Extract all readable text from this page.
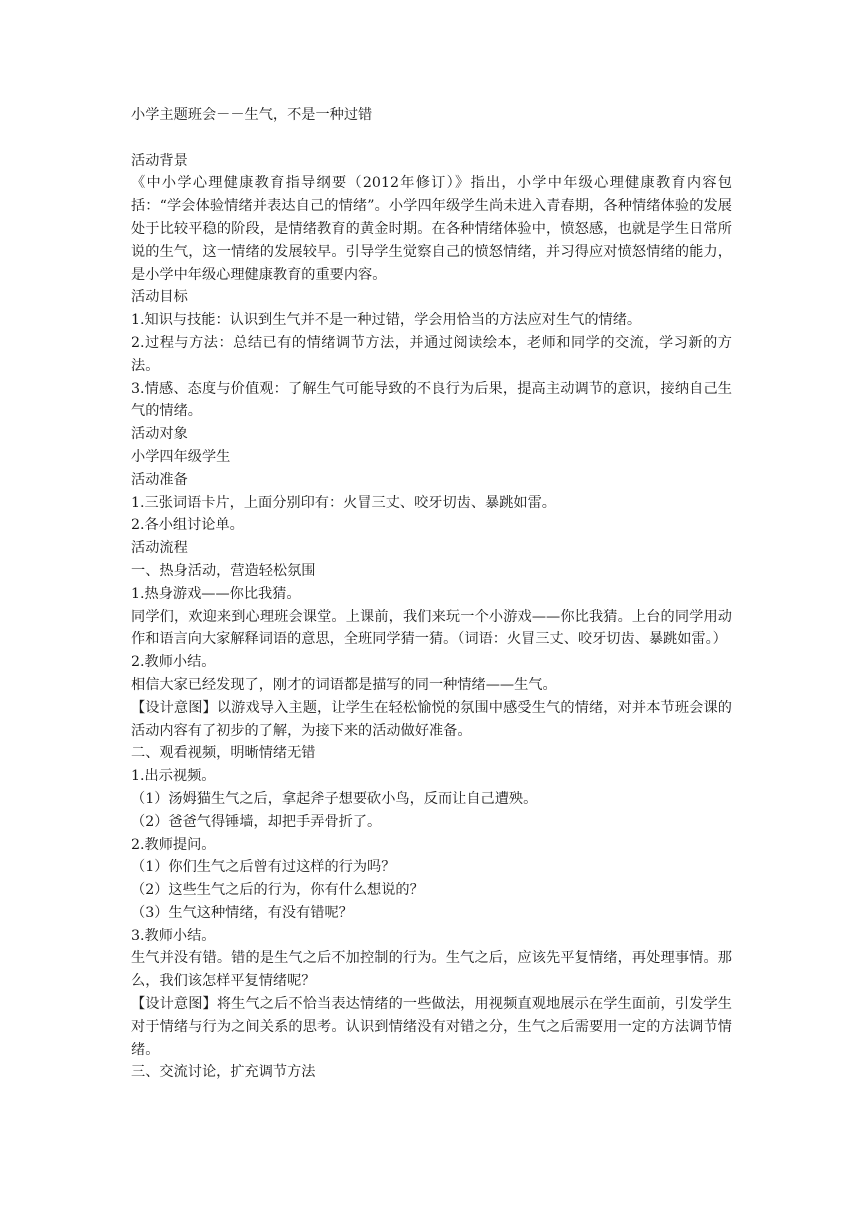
小学主题班会－－生气，不是一种过错

活动背景

《中小学心理健康教育指导纲要（2012年修订）》指出，小学中年级心理健康教育内容包括：“学会体验情绪并表达自己的情绪”。小学四年级学生尚未进入青春期，各种情绪体验的发展处于比较平稳的阶段，是情绪教育的黄金时期。在各种情绪体验中，愤怒感，也就是学生日常所说的生气，这一情绪的发展较早。引导学生觉察自己的愤怒情绪，并习得应对愤怒情绪的能力，是小学中年级心理健康教育的重要内容。

活动目标

1.知识与技能：认识到生气并不是一种过错，学会用恰当的方法应对生气的情绪。

2.过程与方法：总结已有的情绪调节方法，并通过阅读绘本，老师和同学的交流，学习新的方法。

3.情感、态度与价值观：了解生气可能导致的不良行为后果，提高主动调节的意识，接纳自己生气的情绪。

活动对象

小学四年级学生

活动准备

1.三张词语卡片，上面分别印有：火冒三丈、咬牙切齿、暴跳如雷。

2.各小组讨论单。

活动流程

一、热身活动，营造轻松氛围

1.热身游戏——你比我猜。

同学们，欢迎来到心理班会课堂。上课前，我们来玩一个小游戏——你比我猜。上台的同学用动作和语言向大家解释词语的意思，全班同学猜一猜。（词语：火冒三丈、咬牙切齿、暴跳如雷。）

2.教师小结。

相信大家已经发现了，刚才的词语都是描写的同一种情绪——生气。

【设计意图】以游戏导入主题，让学生在轻松愉悦的氛围中感受生气的情绪，对并本节班会课的活动内容有了初步的了解，为接下来的活动做好准备。

二、观看视频，明晰情绪无错

1.出示视频。

（1）汤姆猫生气之后，拿起斧子想要砍小鸟，反而让自己遭殃。

（2）爸爸气得锤墙，却把手弄骨折了。

2.教师提问。

（1）你们生气之后曾有过这样的行为吗？

（2）这些生气之后的行为，你有什么想说的？

（3）生气这种情绪，有没有错呢？

3.教师小结。

生气并没有错。错的是生气之后不加控制的行为。生气之后，应该先平复情绪，再处理事情。那么，我们该怎样平复情绪呢？

【设计意图】将生气之后不恰当表达情绪的一些做法，用视频直观地展示在学生面前，引发学生对于情绪与行为之间关系的思考。认识到情绪没有对错之分，生气之后需要用一定的方法调节情绪。

三、交流讨论，扩充调节方法
